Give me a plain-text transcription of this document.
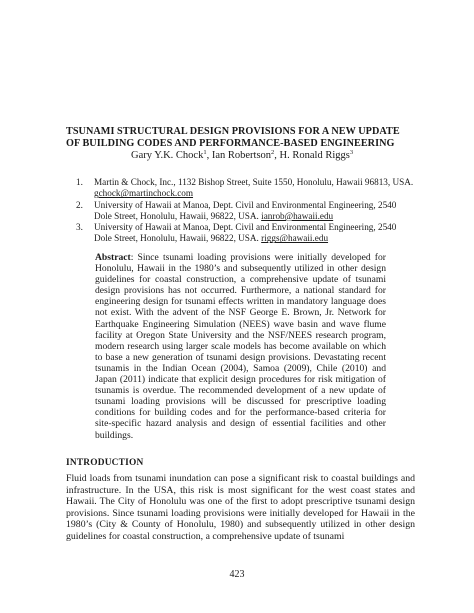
TSUNAMI STRUCTURAL DESIGN PROVISIONS FOR A NEW UPDATE OF BUILDING CODES AND PERFORMANCE-BASED ENGINEERING
Gary Y.K. Chock$^1$, Ian Robertson$^2$, H. Ronald Riggs$^3$
1. Martin & Chock, Inc., 1132 Bishop Street, Suite 1550, Honolulu, Hawaii 96813, USA. gchock@martinchock.com
2. University of Hawaii at Manoa, Dept. Civil and Environmental Engineering, 2540 Dole Street, Honolulu, Hawaii, 96822, USA. ianrob@hawaii.edu
3. University of Hawaii at Manoa, Dept. Civil and Environmental Engineering, 2540 Dole Street, Honolulu, Hawaii, 96822, USA. riggs@hawaii.edu

Abstract: Since tsunami loading provisions were initially developed for Honolulu, Hawaii in the 1980’s and subsequently utilized in other design guidelines for coastal construction, a comprehensive update of tsunami design provisions has not occurred. Furthermore, a national standard for engineering design for tsunami effects written in mandatory language does not exist. With the advent of the NSF George E. Brown, Jr. Network for Earthquake Engineering Simulation (NEES) wave basin and wave flume facility at Oregon State University and the NSF/NEES research program, modern research using larger scale models has become available on which to base a new generation of tsunami design provisions. Devastating recent tsunamis in the Indian Ocean (2004), Samoa (2009), Chile (2010) and Japan (2011) indicate that explicit design procedures for risk mitigation of tsunamis is overdue. The recommended development of a new update of tsunami loading provisions will be discussed for prescriptive loading conditions for building codes and for the performance-based criteria for site-specific hazard analysis and design of essential facilities and other buildings.

INTRODUCTION

Fluid loads from tsunami inundation can pose a significant risk to coastal buildings and infrastructure. In the USA, this risk is most significant for the west coast states and Hawaii. The City of Honolulu was one of the first to adopt prescriptive tsunami design provisions. Since tsunami loading provisions were initially developed for Hawaii in the 1980’s (City & County of Honolulu, 1980) and subsequently utilized in other design guidelines for coastal construction, a comprehensive update of tsunami

423
